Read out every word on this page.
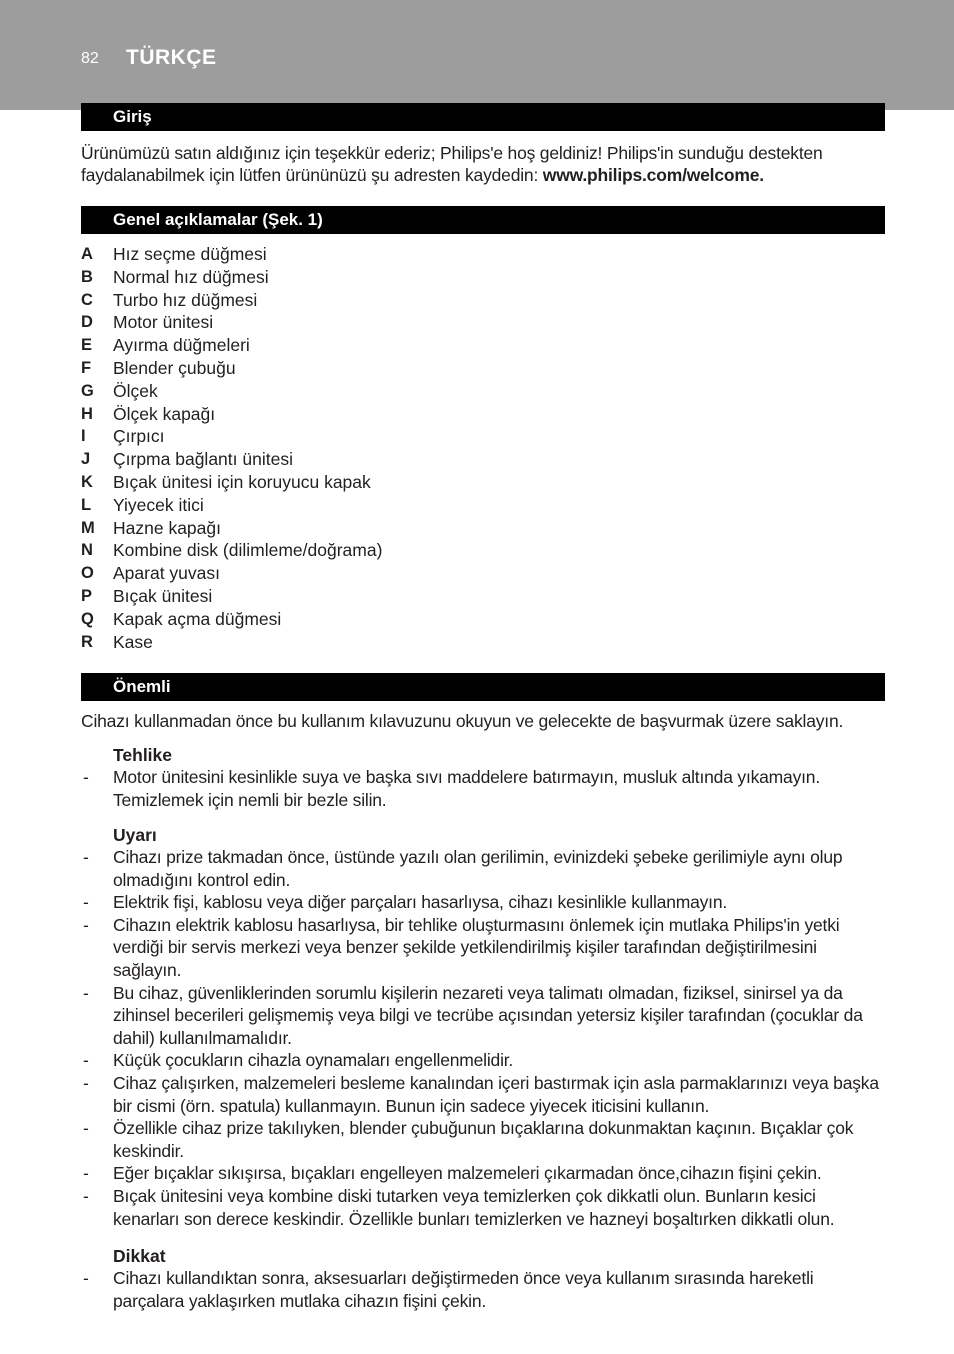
82 TÜRKÇE
Giriş

Ürünümüzü satın aldığınız için teşekkür ederiz; Philips'e hoş geldiniz! Philips'in sunduğu destekten faydalanabilmek için lütfen ürününüzü şu adresten kaydedin: www.philips.com/welcome.

Genel açıklamalar (Şek. 1)
A	Hız seçme düğmesi
B	Normal hız düğmesi
C	Turbo hız düğmesi
D	Motor ünitesi
E	Ayırma düğmeleri
F	Blender çubuğu
G	Ölçek
H	Ölçek kapağı
I	Çırpıcı
J	Çırpma bağlantı ünitesi
K	Bıçak ünitesi için koruyucu kapak
L	Yiyecek itici
M	Hazne kapağı
N	Kombine disk (dilimleme/doğrama)
O	Aparat yuvası
P	Bıçak ünitesi
Q	Kapak açma düğmesi
R	Kase
Önemli

Cihazı kullanmadan önce bu kullanım kılavuzunu okuyun ve gelecekte de başvurmak üzere saklayın.

Tehlike
- Motor ünitesini kesinlikle suya ve başka sıvı maddelere batırmayın, musluk altında yıkamayın. Temizlemek için nemli bir bezle silin.
Uyarı
- Cihazı prize takmadan önce, üstünde yazılı olan gerilimin, evinizdeki şebeke gerilimiyle aynı olup olmadığını kontrol edin.
- Elektrik fişi, kablosu veya diğer parçaları hasarlıysa, cihazı kesinlikle kullanmayın.
- Cihazın elektrik kablosu hasarlıysa, bir tehlike oluşturmasını önlemek için mutlaka Philips'in yetki verdiği bir servis merkezi veya benzer şekilde yetkilendirilmiş kişiler tarafından değiştirilmesini sağlayın.
- Bu cihaz, güvenliklerinden sorumlu kişilerin nezareti veya talimatı olmadan, fiziksel, sinirsel ya da zihinsel becerileri gelişmemiş veya bilgi ve tecrübe açısından yetersiz kişiler tarafından (çocuklar da dahil) kullanılmamalıdır.
- Küçük çocukların cihazla oynamaları engellenmelidir.
- Cihaz çalışırken, malzemeleri besleme kanalından içeri bastırmak için asla parmaklarınızı veya başka bir cismi (örn. spatula) kullanmayın. Bunun için sadece yiyecek iticisini kullanın.
- Özellikle cihaz prize takılıyken, blender çubuğunun bıçaklarına dokunmaktan kaçının. Bıçaklar çok keskindir.
- Eğer bıçaklar sıkışırsa, bıçakları engelleyen malzemeleri çıkarmadan önce,cihazın fişini çekin.
- Bıçak ünitesini veya kombine diski tutarken veya temizlerken çok dikkatli olun. Bunların kesici kenarları son derece keskindir. Özellikle bunları temizlerken ve hazneyi boşaltırken dikkatli olun.
Dikkat
- Cihazı kullandıktan sonra, aksesuarları değiştirmeden önce veya kullanım sırasında hareketli parçalara yaklaşırken mutlaka cihazın fişini çekin.
